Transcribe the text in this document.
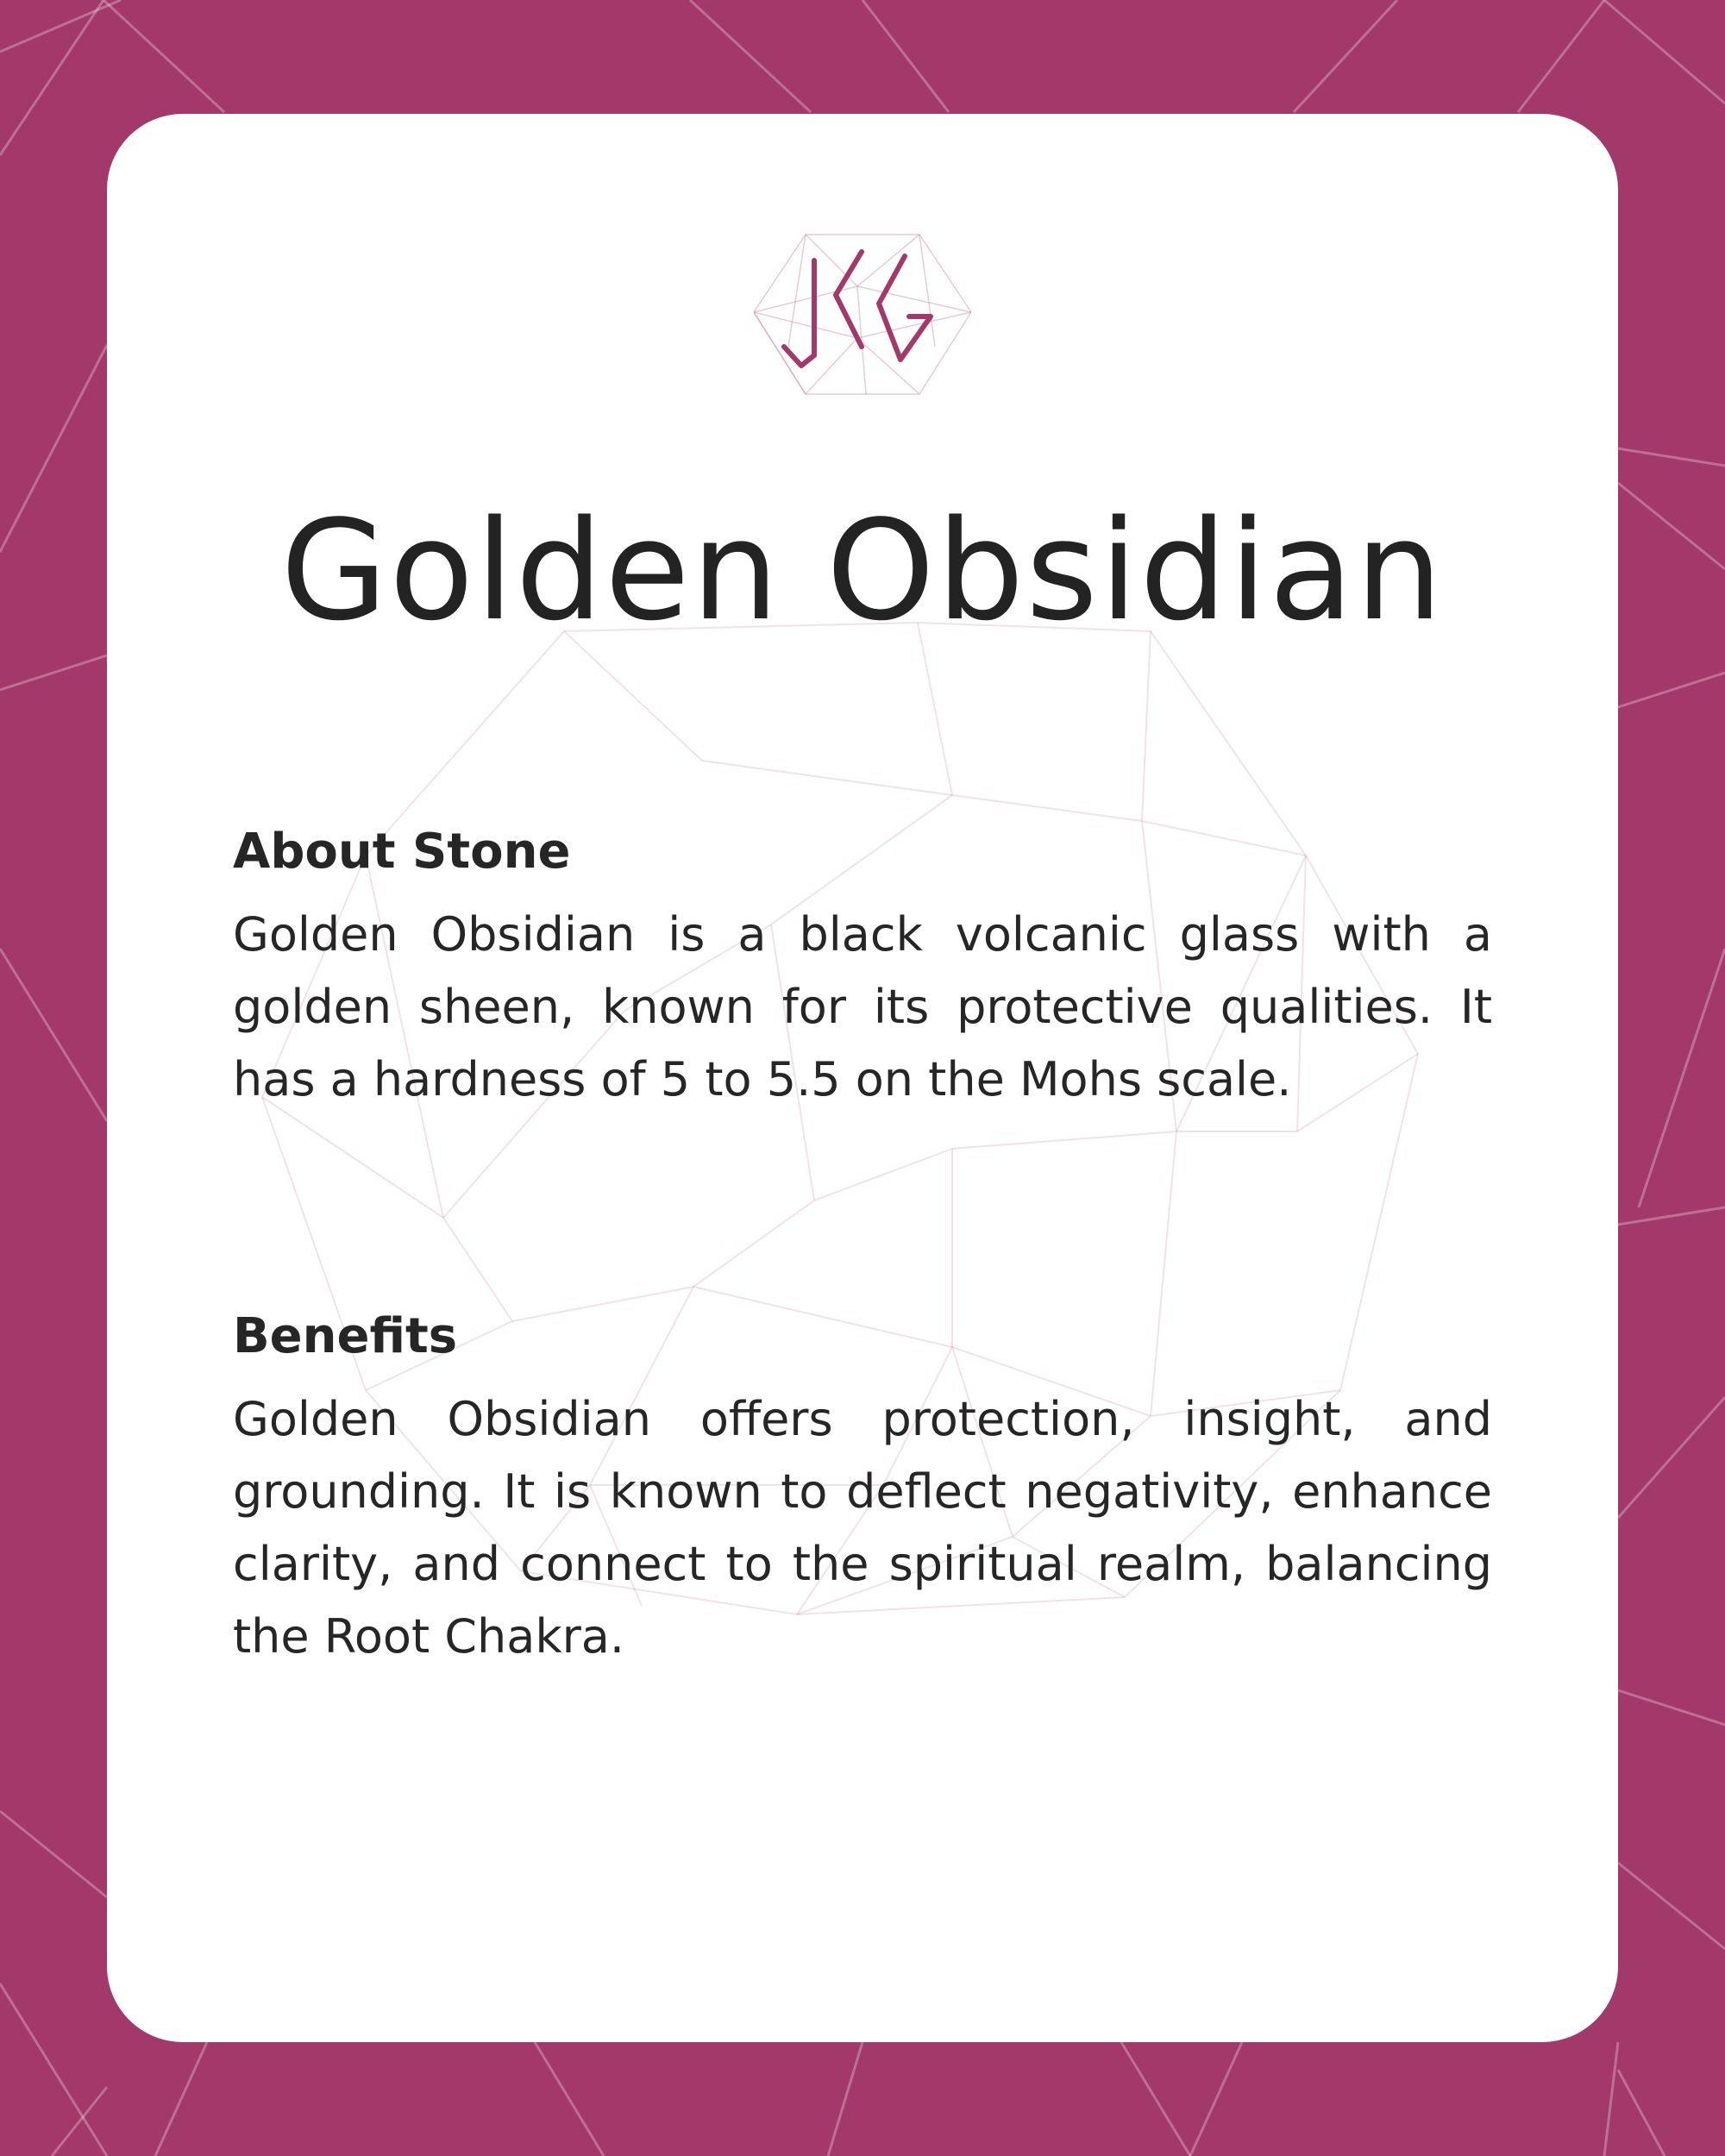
Golden Obsidian
About Stone

Golden Obsidian is a black volcanic glass with a golden sheen, known for its protective qualities. It has a hardness of 5 to 5.5 on the Mohs scale.

Benefits

Golden Obsidian offers protection, insight, and grounding. It is known to deflect negativity, enhance clarity, and connect to the spiritual realm, balancing the Root Chakra.
